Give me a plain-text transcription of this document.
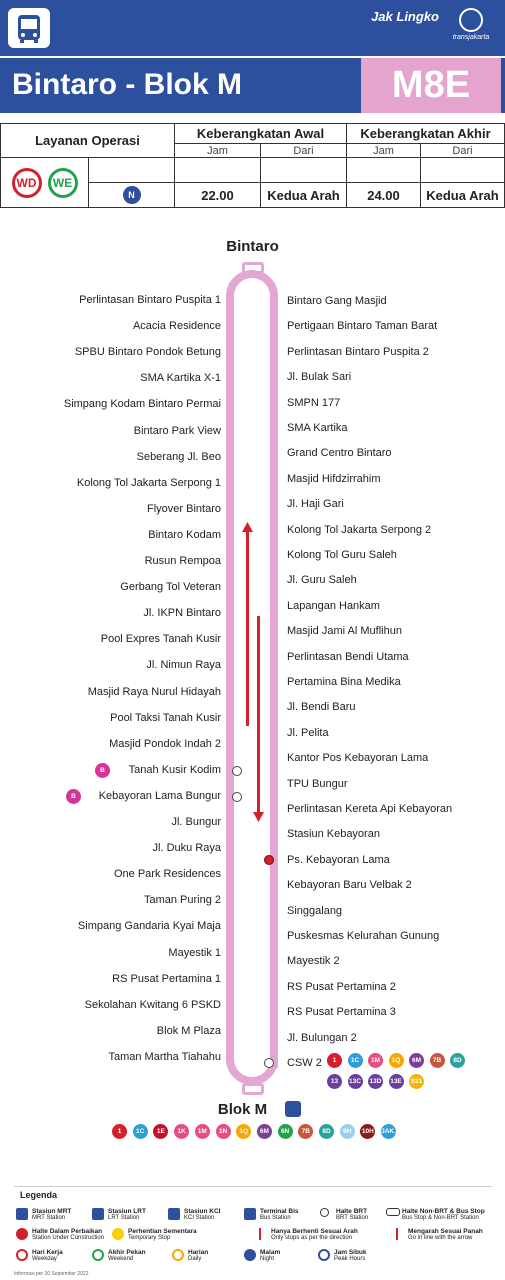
Jak Lingko
transjakarta
Bintaro - Blok M	M8E
Layanan Operasi		Keberangkatan Awal		Keberangkatan Akhir	
		Jam	Dari	Jam	Dari
WD WE					
	N	22.00	Kedua Arah	24.00	Kedua Arah
Bintaro
Perlintasan Bintaro Puspita 1
Acacia Residence
SPBU Bintaro Pondok Betung
SMA Kartika X-1
Simpang Kodam Bintaro Permai
Bintaro Park View
Seberang Jl. Beo
Kolong Tol Jakarta Serpong 1
Flyover Bintaro
Bintaro Kodam
Rusun Rempoa
Gerbang Tol Veteran
Jl. IKPN Bintaro
Pool Expres Tanah Kusir
Jl. Nimun Raya
Masjid Raya Nurul Hidayah
Pool Taksi Tanah Kusir
Masjid Pondok Indah 2
Tanah Kusir Kodim
B
Kebayoran Lama Bungur
B
Jl. Bungur
Jl. Duku Raya
One Park Residences
Taman Puring 2
Simpang Gandaria Kyai Maja
Mayestik 1
RS Pusat Pertamina 1
Sekolahan Kwitang 6 PSKD
Blok M Plaza
Taman Martha Tiahahu
Bintaro Gang Masjid
Pertigaan Bintaro Taman Barat
Perlintasan Bintaro Puspita 2
Jl. Bulak Sari
SMPN 177
SMA Kartika
Grand Centro Bintaro
Masjid Hifdzirrahim
Jl. Haji Gari
Kolong Tol Jakarta Serpong 2
Kolong Tol Guru Saleh
Jl. Guru Saleh
Lapangan Hankam
Masjid Jami Al Muflihun
Perlintasan Bendi Utama
Pertamina Bina Medika
Jl. Bendi Baru
Jl. Pelita
Kantor Pos Kebayoran Lama
TPU Bungur
Perlintasan Kereta Api Kebayoran
Stasiun Kebayoran
Ps. Kebayoran Lama
Kebayoran Baru Velbak 2
Singgalang
Puskesmas Kelurahan Gunung
Mayestik 2
RS Pusat Pertamina 2
RS Pusat Pertamina 3
Jl. Bulungan 2
CSW 2	1	1C	1M	1Q	6M	7B	8D
13	13C 13D 13E S21
Blok M
1	1C	1E	1K	1M	1N	1Q	6M	6N	7B	8D	9H	10H JAK.3
Legenda
Stasiun MRT
MRT Station
Stasiun LRT
LRT Station
Stasiun KCI
KCI Station
Terminal Bis
Bus Station
Halte BRT
BRT Station
Halte Non-BRT & Bus Stop
Bus Stop & Non-BRT Station
Halte Dalam Perbaikan
Station Under Construction
Perhentian Sementara
Temporary Stop
Hanya Berhenti Sesuai Arah
Only stops as per the direction
Mengarah Sesuai Panah
Go in line with the arrow
Hari Kerja
Weekday
Akhir Pekan
Weekend
Harian
Daily
Malam
Night
Jam Sibuk
Peak Hours
Informasi per 30 September 2022
